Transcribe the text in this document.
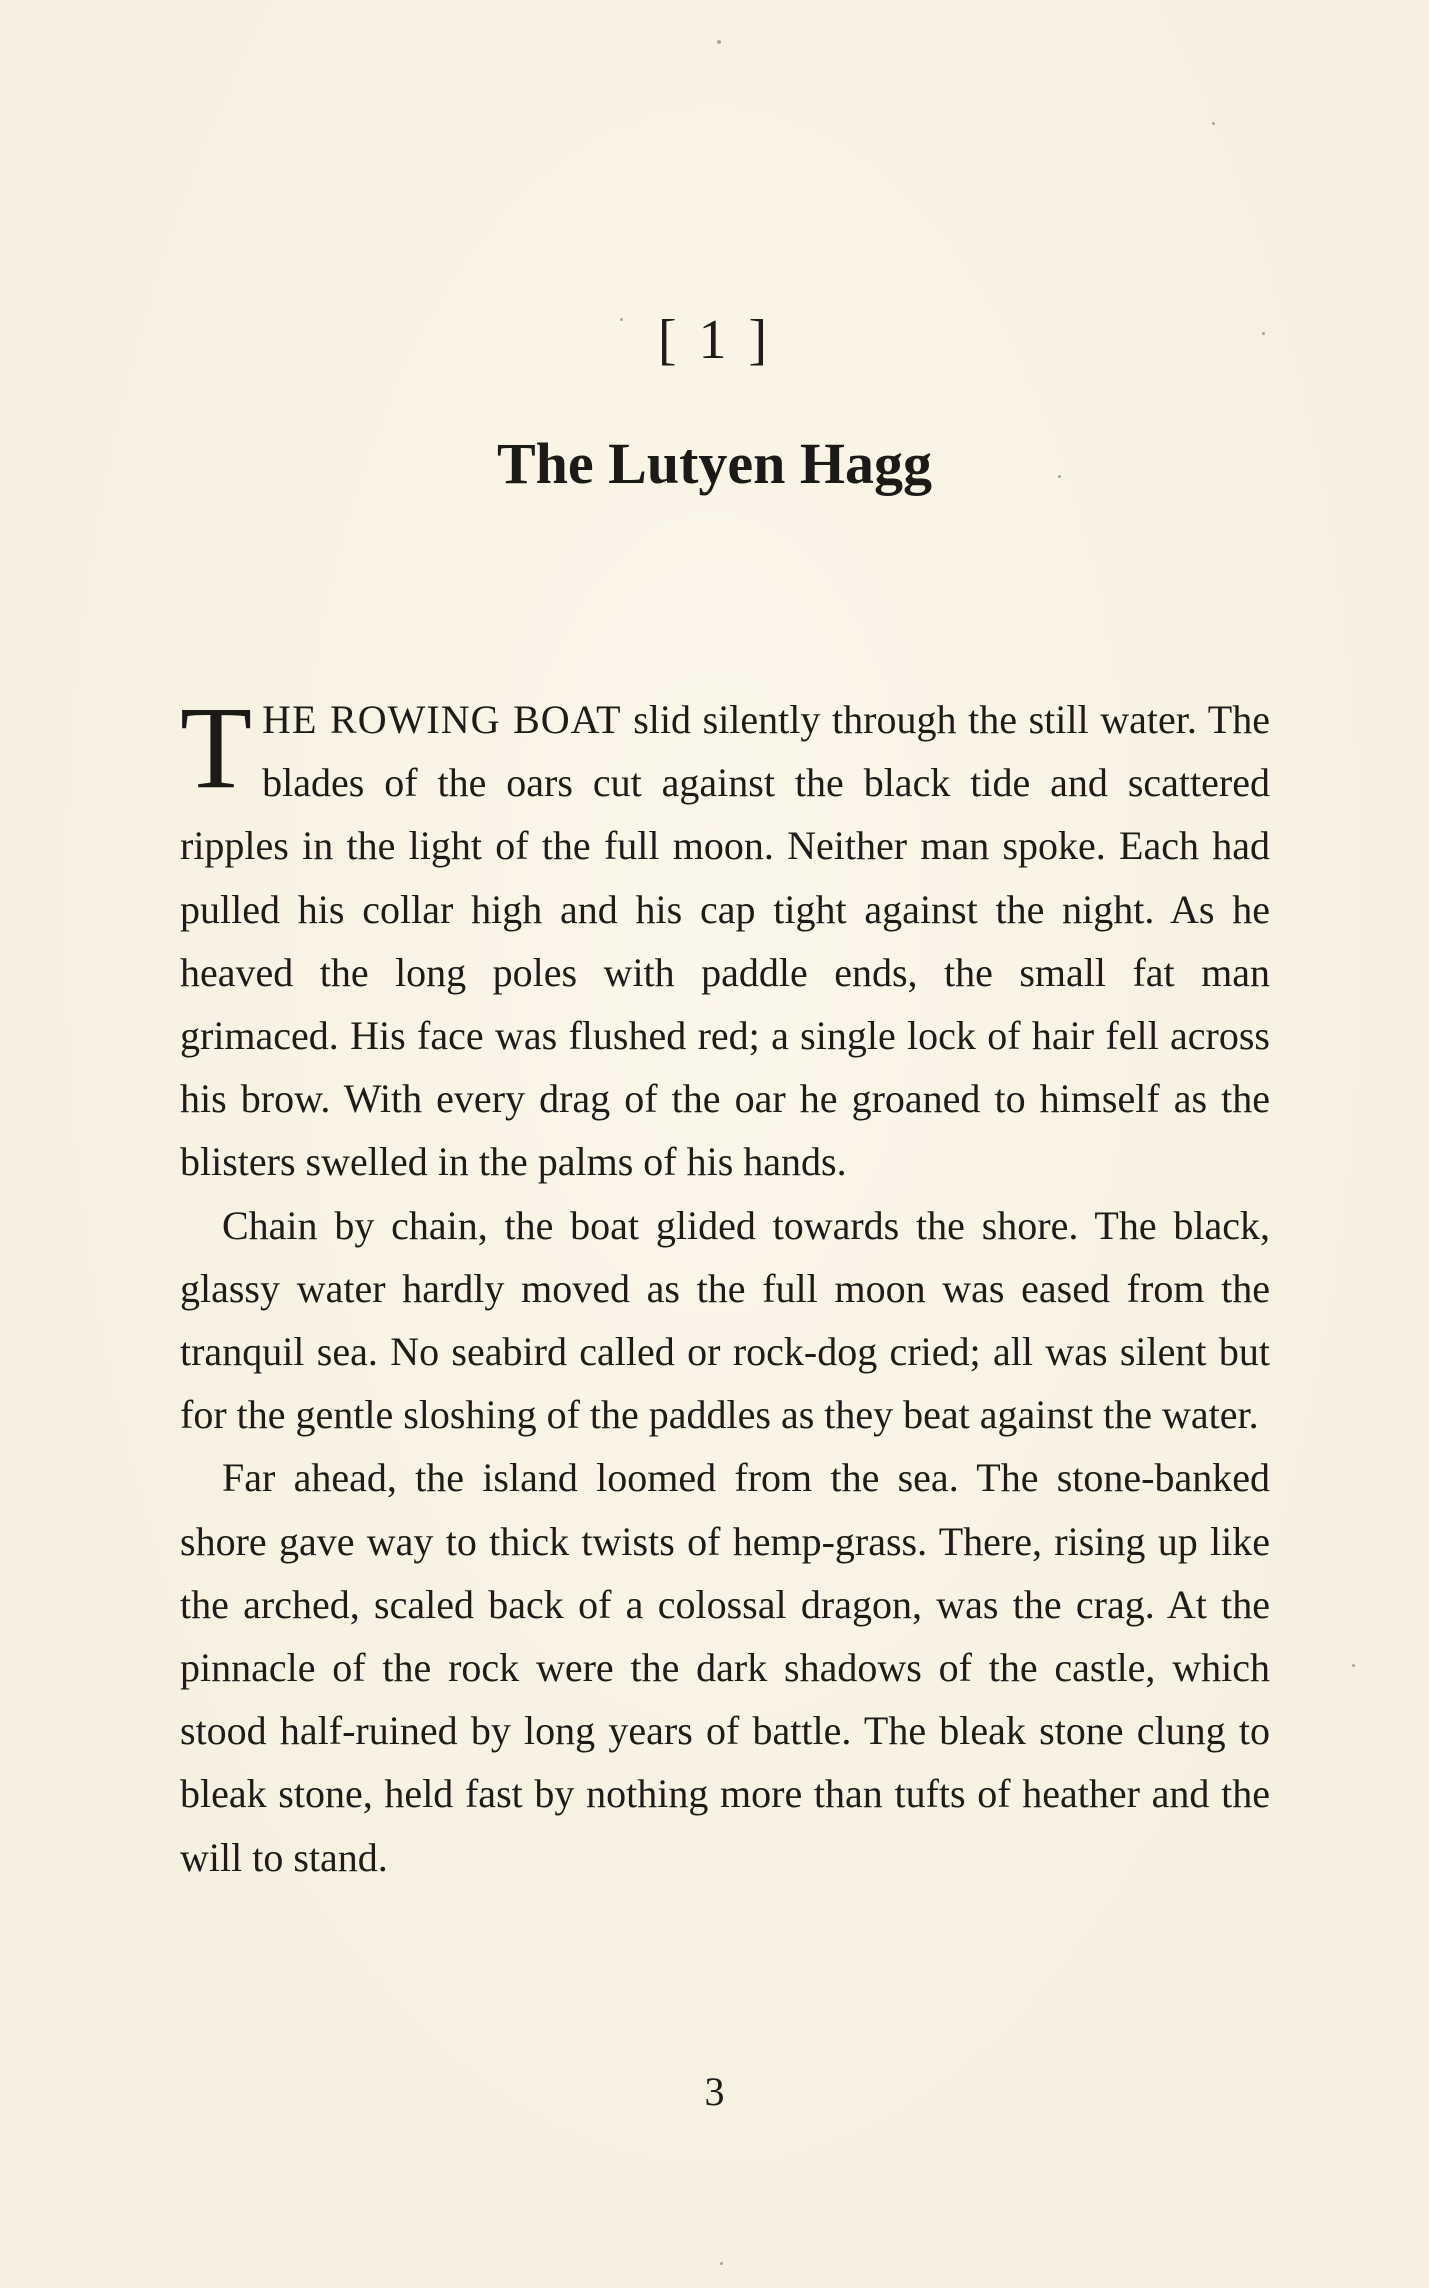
[ 1 ]
The Lutyen Hagg

THE ROWING BOAT slid silently through the still water. The blades of the oars cut against the black tide and scattered ripples in the light of the full moon. Neither man spoke. Each had pulled his collar high and his cap tight against the night. As he heaved the long poles with paddle ends, the small fat man grimaced. His face was flushed red; a single lock of hair fell across his brow. With every drag of the oar he groaned to himself as the blisters swelled in the palms of his hands.

Chain by chain, the boat glided towards the shore. The black, glassy water hardly moved as the full moon was eased from the tranquil sea. No seabird called or rock-dog cried; all was silent but for the gentle sloshing of the paddles as they beat against the water.

Far ahead, the island loomed from the sea. The stone-banked shore gave way to thick twists of hemp-grass. There, rising up like the arched, scaled back of a colossal dragon, was the crag. At the pinnacle of the rock were the dark shadows of the castle, which stood half-ruined by long years of battle. The bleak stone clung to bleak stone, held fast by nothing more than tufts of heather and the will to stand.

3
